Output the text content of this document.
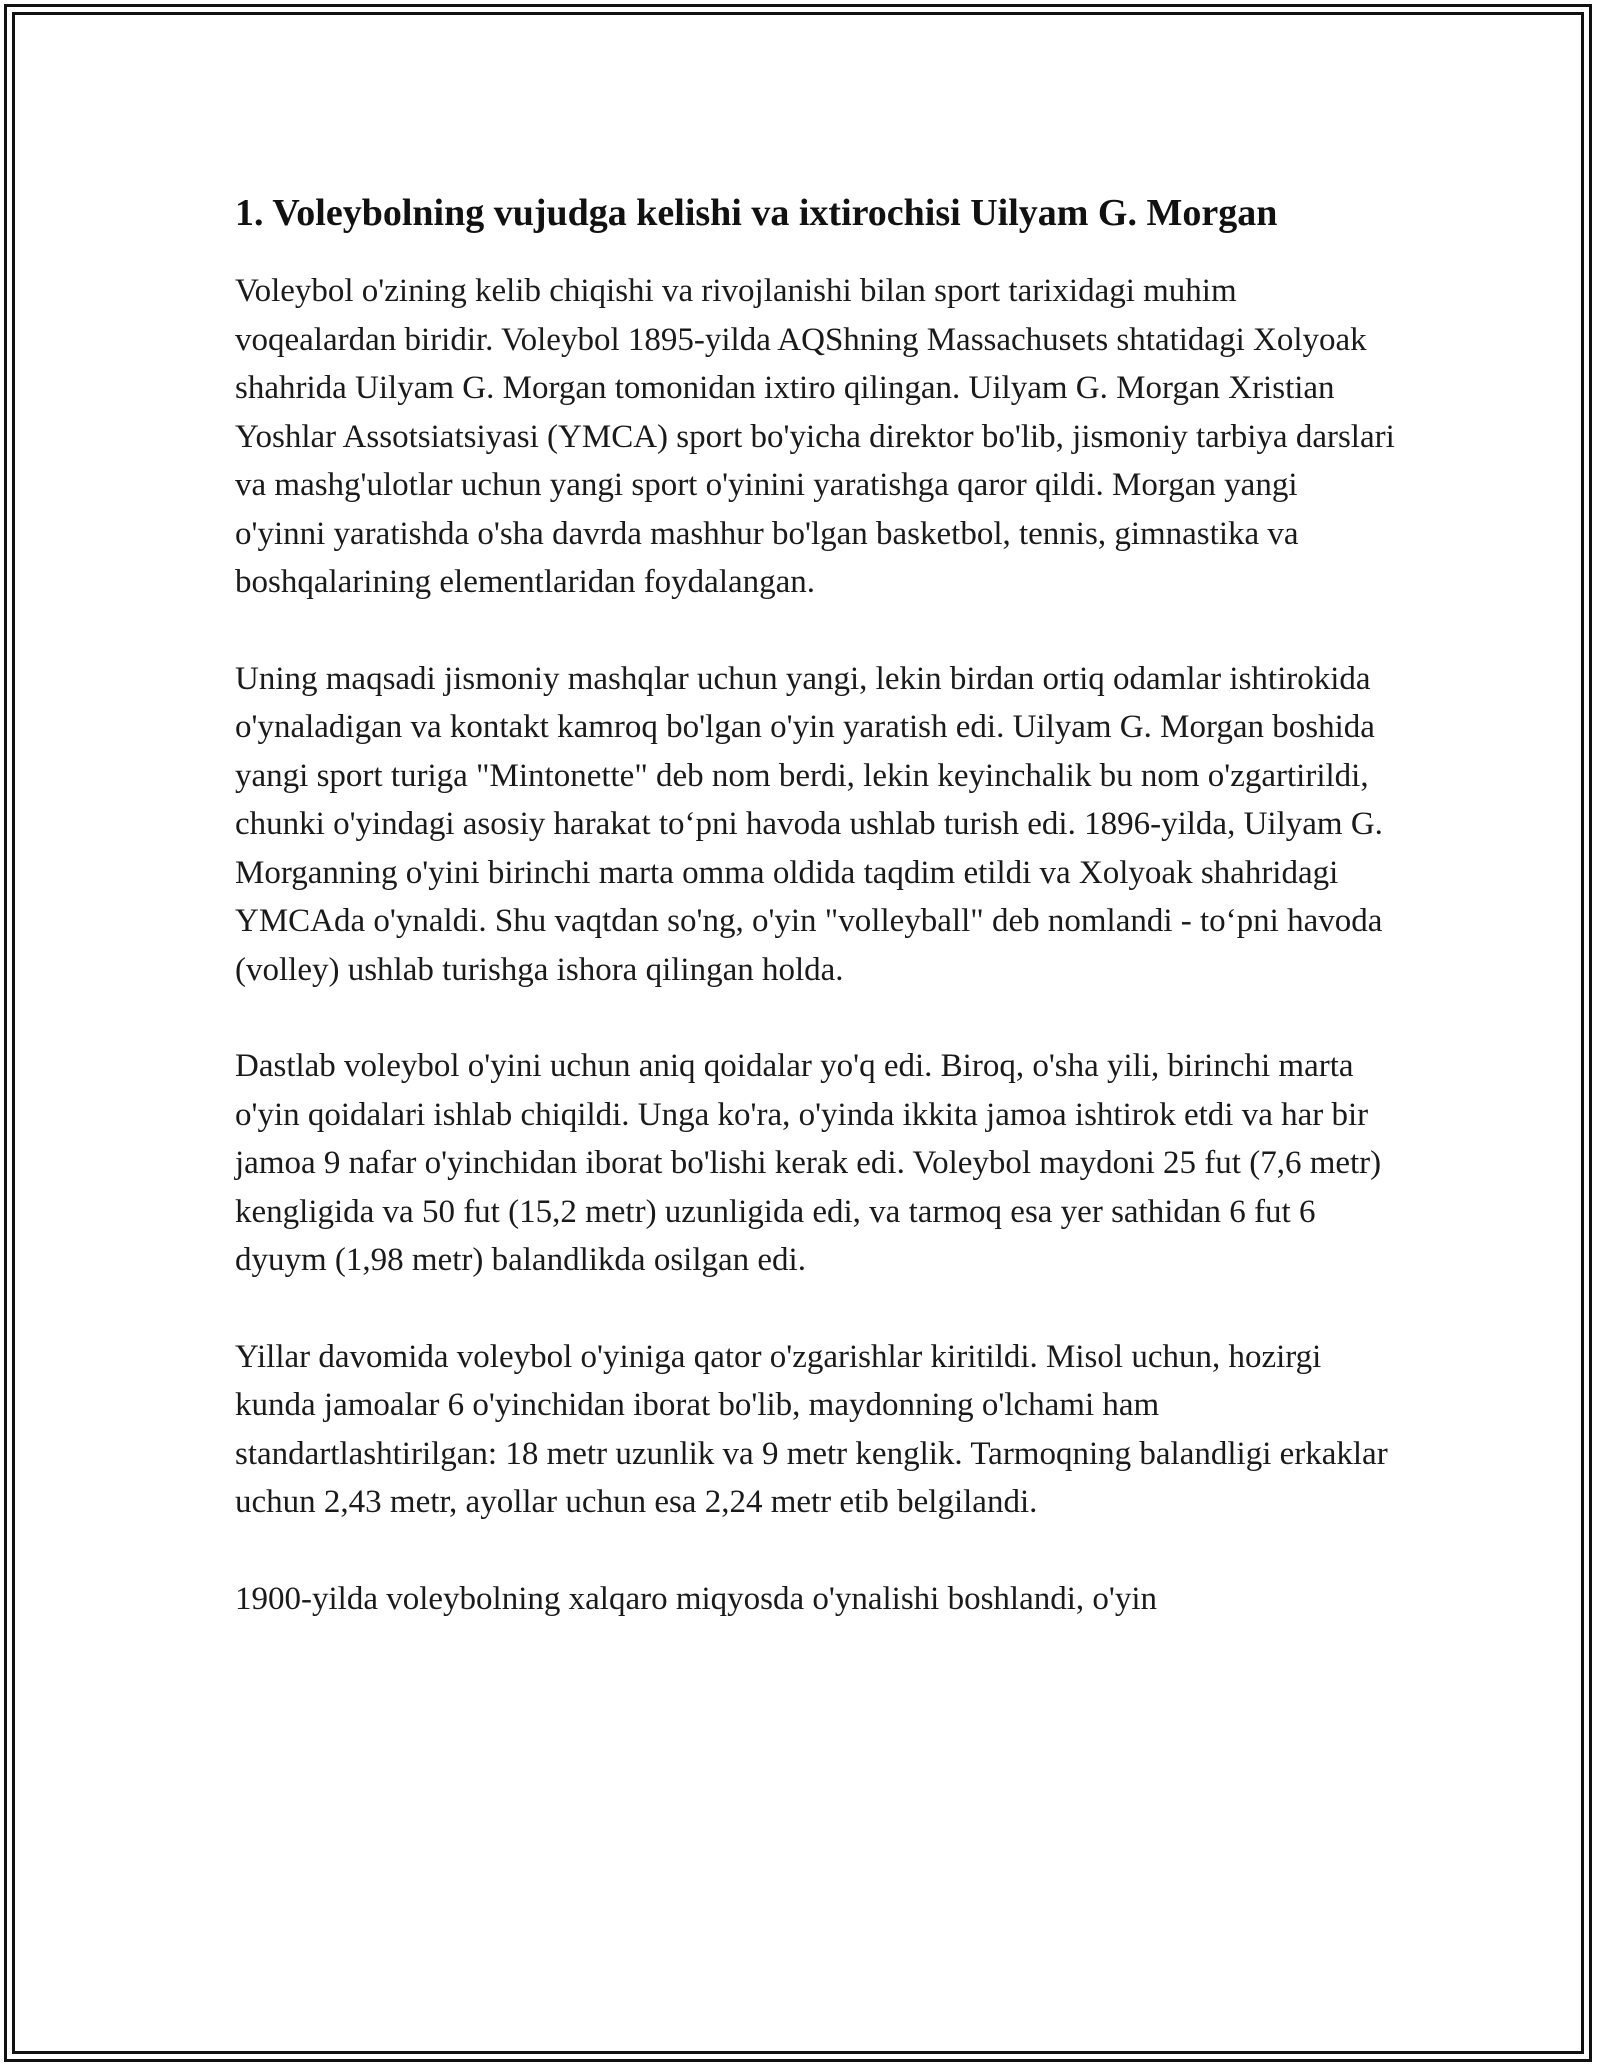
1. Voleybolning vujudga kelishi va ixtirochisi Uilyam G. Morgan

Voleybol o'zining kelib chiqishi va rivojlanishi bilan sport tarixidagi muhim voqealardan biridir. Voleybol 1895-yilda AQShning Massachusets shtatidagi Xolyoak shahrida Uilyam G. Morgan tomonidan ixtiro qilingan. Uilyam G. Morgan Xristian Yoshlar Assotsiatsiyasi (YMCA) sport bo'yicha direktor bo'lib, jismoniy tarbiya darslari va mashg'ulotlar uchun yangi sport o'yinini yaratishga qaror qildi. Morgan yangi o'yinni yaratishda o'sha davrda mashhur bo'lgan basketbol, tennis, gimnastika va boshqalarining elementlaridan foydalangan.

Uning maqsadi jismoniy mashqlar uchun yangi, lekin birdan ortiq odamlar ishtirokida o'ynaladigan va kontakt kamroq bo'lgan o'yin yaratish edi. Uilyam G. Morgan boshida yangi sport turiga "Mintonette" deb nom berdi, lekin keyinchalik bu nom o'zgartirildi, chunki o'yindagi asosiy harakat to‘pni havoda ushlab turish edi. 1896-yilda, Uilyam G. Morganning o'yini birinchi marta omma oldida taqdim etildi va Xolyoak shahridagi YMCAda o'ynaldi. Shu vaqtdan so'ng, o'yin "volleyball" deb nomlandi - to‘pni havoda (volley) ushlab turishga ishora qilingan holda.

Dastlab voleybol o'yini uchun aniq qoidalar yo'q edi. Biroq, o'sha yili, birinchi marta o'yin qoidalari ishlab chiqildi. Unga ko'ra, o'yinda ikkita jamoa ishtirok etdi va har bir jamoa 9 nafar o'yinchidan iborat bo'lishi kerak edi. Voleybol maydoni 25 fut (7,6 metr) kengligida va 50 fut (15,2 metr) uzunligida edi, va tarmoq esa yer sathidan 6 fut 6 dyuym (1,98 metr) balandlikda osilgan edi.

Yillar davomida voleybol o'yiniga qator o'zgarishlar kiritildi. Misol uchun, hozirgi kunda jamoalar 6 o'yinchidan iborat bo'lib, maydonning o'lchami ham standartlashtirilgan: 18 metr uzunlik va 9 metr kenglik. Tarmoqning balandligi erkaklar uchun 2,43 metr, ayollar uchun esa 2,24 metr etib belgilandi.

1900-yilda voleybolning xalqaro miqyosda o'ynalishi boshlandi, o'yin
